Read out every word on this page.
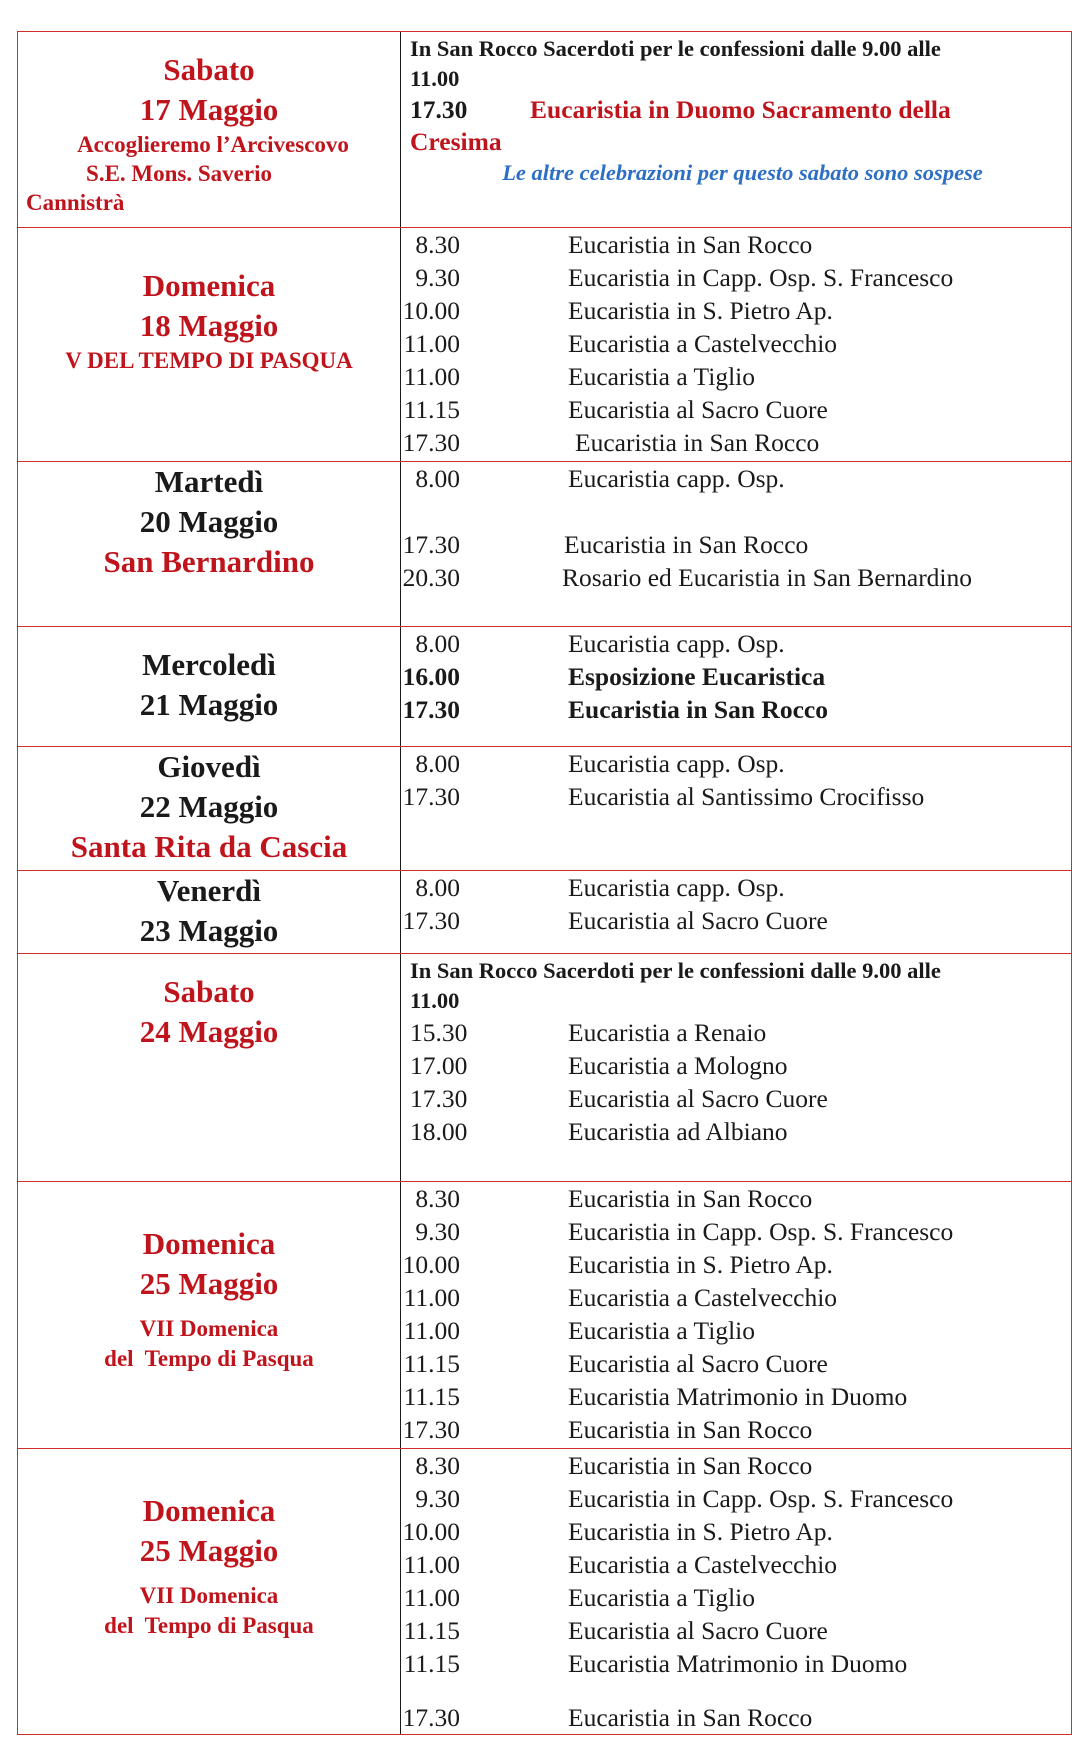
Sabato
17 Maggio
Accoglieremo l’Arcivescovo
S.E. Mons. Saverio
Cannistrà
In San Rocco Sacerdoti per le confessioni dalle 9.00 alle
11.00
17.30 Eucaristia in Duomo Sacramento della
Cresima
Le altre celebrazioni per questo sabato sono sospese
Domenica
18 Maggio
V DEL TEMPO DI PASQUA
8.30	Eucaristia in San Rocco
9.30	Eucaristia in Capp. Osp. S. Francesco
10.00	Eucaristia in S. Pietro Ap.
11.00	Eucaristia a Castelvecchio
11.00	Eucaristia a Tiglio
11.15	Eucaristia al Sacro Cuore
17.30	Eucaristia in San Rocco
Martedì
20 Maggio
San Bernardino
8.00	Eucaristia capp. Osp.
17.30	Eucaristia in San Rocco
20.30	Rosario ed Eucaristia in San Bernardino
Mercoledì
21 Maggio
8.00	Eucaristia capp. Osp.
16.00	Esposizione Eucaristica
17.30	Eucaristia in San Rocco
Giovedì
22 Maggio
Santa Rita da Cascia
8.00	Eucaristia capp. Osp.
17.30	Eucaristia al Santissimo Crocifisso
Venerdì
23 Maggio
8.00	Eucaristia capp. Osp.
17.30	Eucaristia al Sacro Cuore
Sabato
24 Maggio
In San Rocco Sacerdoti per le confessioni dalle 9.00 alle
11.00
15.30	Eucaristia a Renaio
17.00	Eucaristia a Mologno
17.30	Eucaristia al Sacro Cuore
18.00	Eucaristia ad Albiano
Domenica
25 Maggio
VII Domenica
del  Tempo di Pasqua
8.30	Eucaristia in San Rocco
9.30	Eucaristia in Capp. Osp. S. Francesco
10.00	Eucaristia in S. Pietro Ap.
11.00	Eucaristia a Castelvecchio
11.00	Eucaristia a Tiglio
11.15	Eucaristia al Sacro Cuore
11.15	Eucaristia Matrimonio in Duomo
17.30	Eucaristia in San Rocco
Domenica
25 Maggio
VII Domenica
del  Tempo di Pasqua
8.30	Eucaristia in San Rocco
9.30	Eucaristia in Capp. Osp. S. Francesco
10.00	Eucaristia in S. Pietro Ap.
11.00	Eucaristia a Castelvecchio
11.00	Eucaristia a Tiglio
11.15	Eucaristia al Sacro Cuore
11.15	Eucaristia Matrimonio in Duomo
17.30	Eucaristia in San Rocco
